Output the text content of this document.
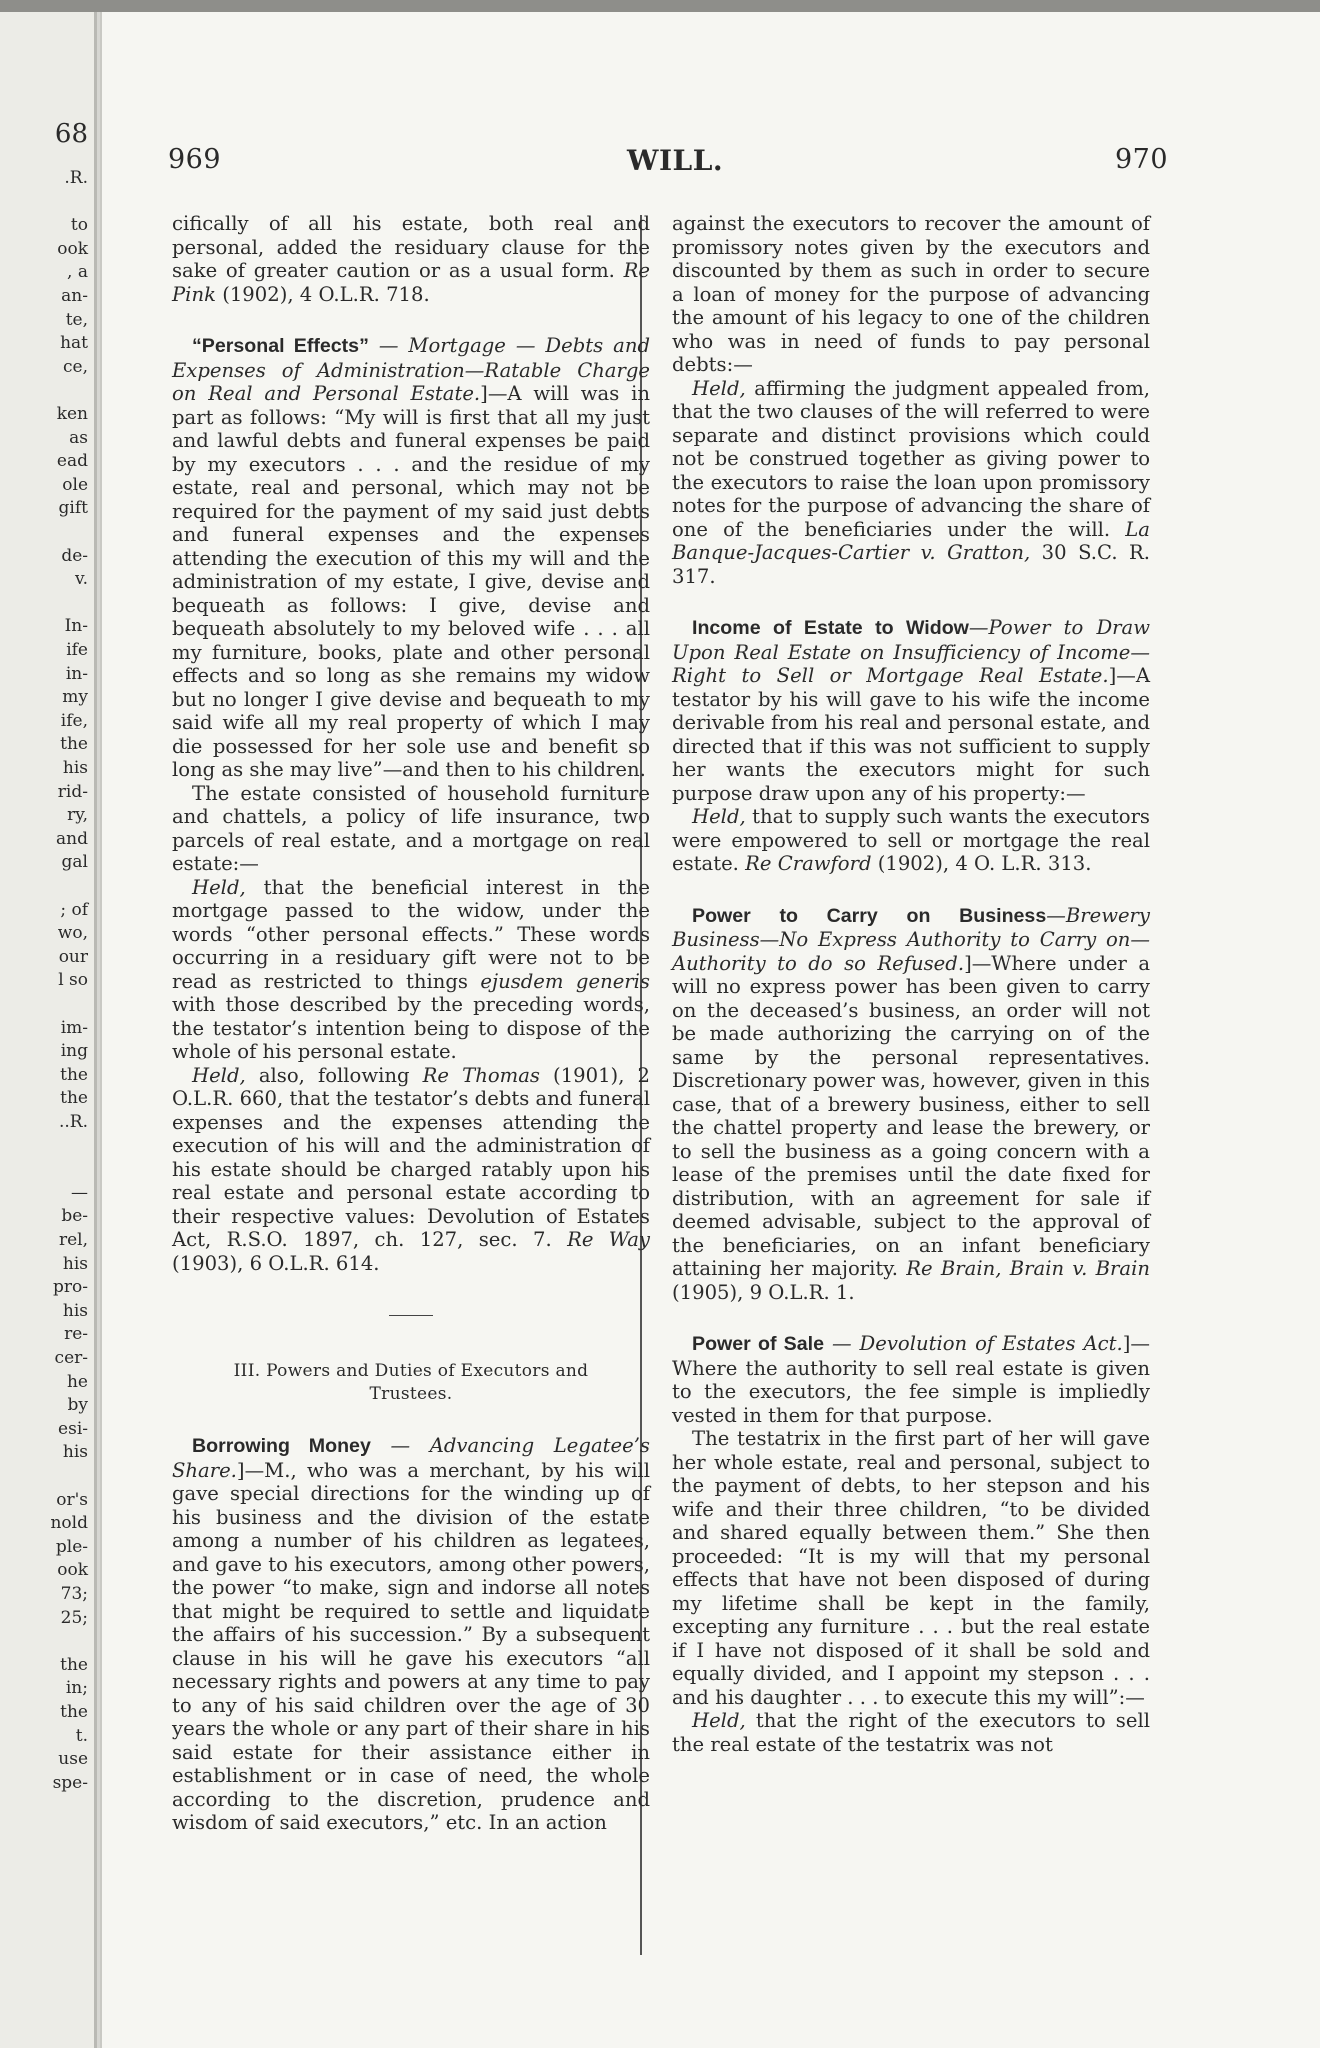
68
.R.
to
ook
, a
an-
te,
hat
ce,
ken
as
ead
ole
gift
de-
v.
In-
ife
in-
my
ife,
the
his
rid-
ry,
and
gal
; of
wo,
our
l so
im-
ing
the
the
..R.
—
be-
rel,
his
pro-
his
re-
cer-
he
by
esi-
his
or's
nold
ple-
ook
73;
25;
the
in;
the
t.
use
spe-
969	WILL.	970

cifically of all his estate, both real and personal, added the residuary clause for the sake of greater caution or as a usual form. Re Pink (1902), 4 O.L.R. 718.

“Personal Effects” — Mortgage — Debts and Expenses of Administration—Ratable Charge on Real and Personal Estate.]—A will was in part as follows: “My will is first that all my just and lawful debts and funeral expenses be paid by my executors . . . and the residue of my estate, real and personal, which may not be required for the payment of my said just debts and funeral expenses and the expenses attending the execution of this my will and the administration of my estate, I give, devise and bequeath as follows: I give, devise and bequeath absolutely to my beloved wife . . . all my furniture, books, plate and other personal effects and so long as she remains my widow but no longer I give devise and bequeath to my said wife all my real property of which I may die possessed for her sole use and benefit so long as she may live”—and then to his children.

The estate consisted of household furniture and chattels, a policy of life insurance, two parcels of real estate, and a mortgage on real estate:—

Held, that the beneficial interest in the mortgage passed to the widow, under the words “other personal effects.” These words occurring in a residuary gift were not to be read as restricted to things ejusdem generis with those described by the preceding words, the testator’s intention being to dispose of the whole of his personal estate.

Held, also, following Re Thomas (1901), 2 O.L.R. 660, that the testator’s debts and funeral expenses and the expenses attending the execution of his will and the administration of his estate should be charged ratably upon his real estate and personal estate according to their respective values: Devolution of Estates Act, R.S.O. 1897, ch. 127, sec. 7. Re Way (1903), 6 O.L.R. 614.

III. Powers and Duties of Executors and
Trustees.

Borrowing Money — Advancing Legatee’s Share.]—M., who was a merchant, by his will gave special directions for the winding up of his business and the division of the estate among a number of his children as legatees, and gave to his executors, among other powers, the power “to make, sign and indorse all notes that might be required to settle and liquidate the affairs of his succession.” By a subsequent clause in his will he gave his executors “all necessary rights and powers at any time to pay to any of his said children over the age of 30 years the whole or any part of their share in his said estate for their assistance either in establishment or in case of need, the whole according to the discretion, prudence and wisdom of said executors,” etc. In an action

against the executors to recover the amount of promissory notes given by the executors and discounted by them as such in order to secure a loan of money for the purpose of advancing the amount of his legacy to one of the children who was in need of funds to pay personal debts:—

Held, affirming the judgment appealed from, that the two clauses of the will referred to were separate and distinct provisions which could not be construed together as giving power to the executors to raise the loan upon promissory notes for the purpose of advancing the share of one of the beneficiaries under the will. La Banque-Jacques-Cartier v. Gratton, 30 S.C. R. 317.

Income of Estate to Widow—Power to Draw Upon Real Estate on Insufficiency of Income—Right to Sell or Mortgage Real Estate.]—A testator by his will gave to his wife the income derivable from his real and personal estate, and directed that if this was not sufficient to supply her wants the executors might for such purpose draw upon any of his property:—

Held, that to supply such wants the executors were empowered to sell or mortgage the real estate. Re Crawford (1902), 4 O. L.R. 313.

Power to Carry on Business—Brewery Business—No Express Authority to Carry on—Authority to do so Refused.]—Where under a will no express power has been given to carry on the deceased’s business, an order will not be made authorizing the carrying on of the same by the personal representatives. Discretionary power was, however, given in this case, that of a brewery business, either to sell the chattel property and lease the brewery, or to sell the business as a going concern with a lease of the premises until the date fixed for distribution, with an agreement for sale if deemed advisable, subject to the approval of the beneficiaries, on an infant beneficiary attaining her majority. Re Brain, Brain v. Brain (1905), 9 O.L.R. 1.

Power of Sale — Devolution of Estates Act.]—Where the authority to sell real estate is given to the executors, the fee simple is impliedly vested in them for that purpose.

The testatrix in the first part of her will gave her whole estate, real and personal, subject to the payment of debts, to her stepson and his wife and their three children, “to be divided and shared equally between them.” She then proceeded: “It is my will that my personal effects that have not been disposed of during my lifetime shall be kept in the family, excepting any furniture . . . but the real estate if I have not disposed of it shall be sold and equally divided, and I appoint my stepson . . . and his daughter . . . to execute this my will”:—

Held, that the right of the executors to sell the real estate of the testatrix was not
